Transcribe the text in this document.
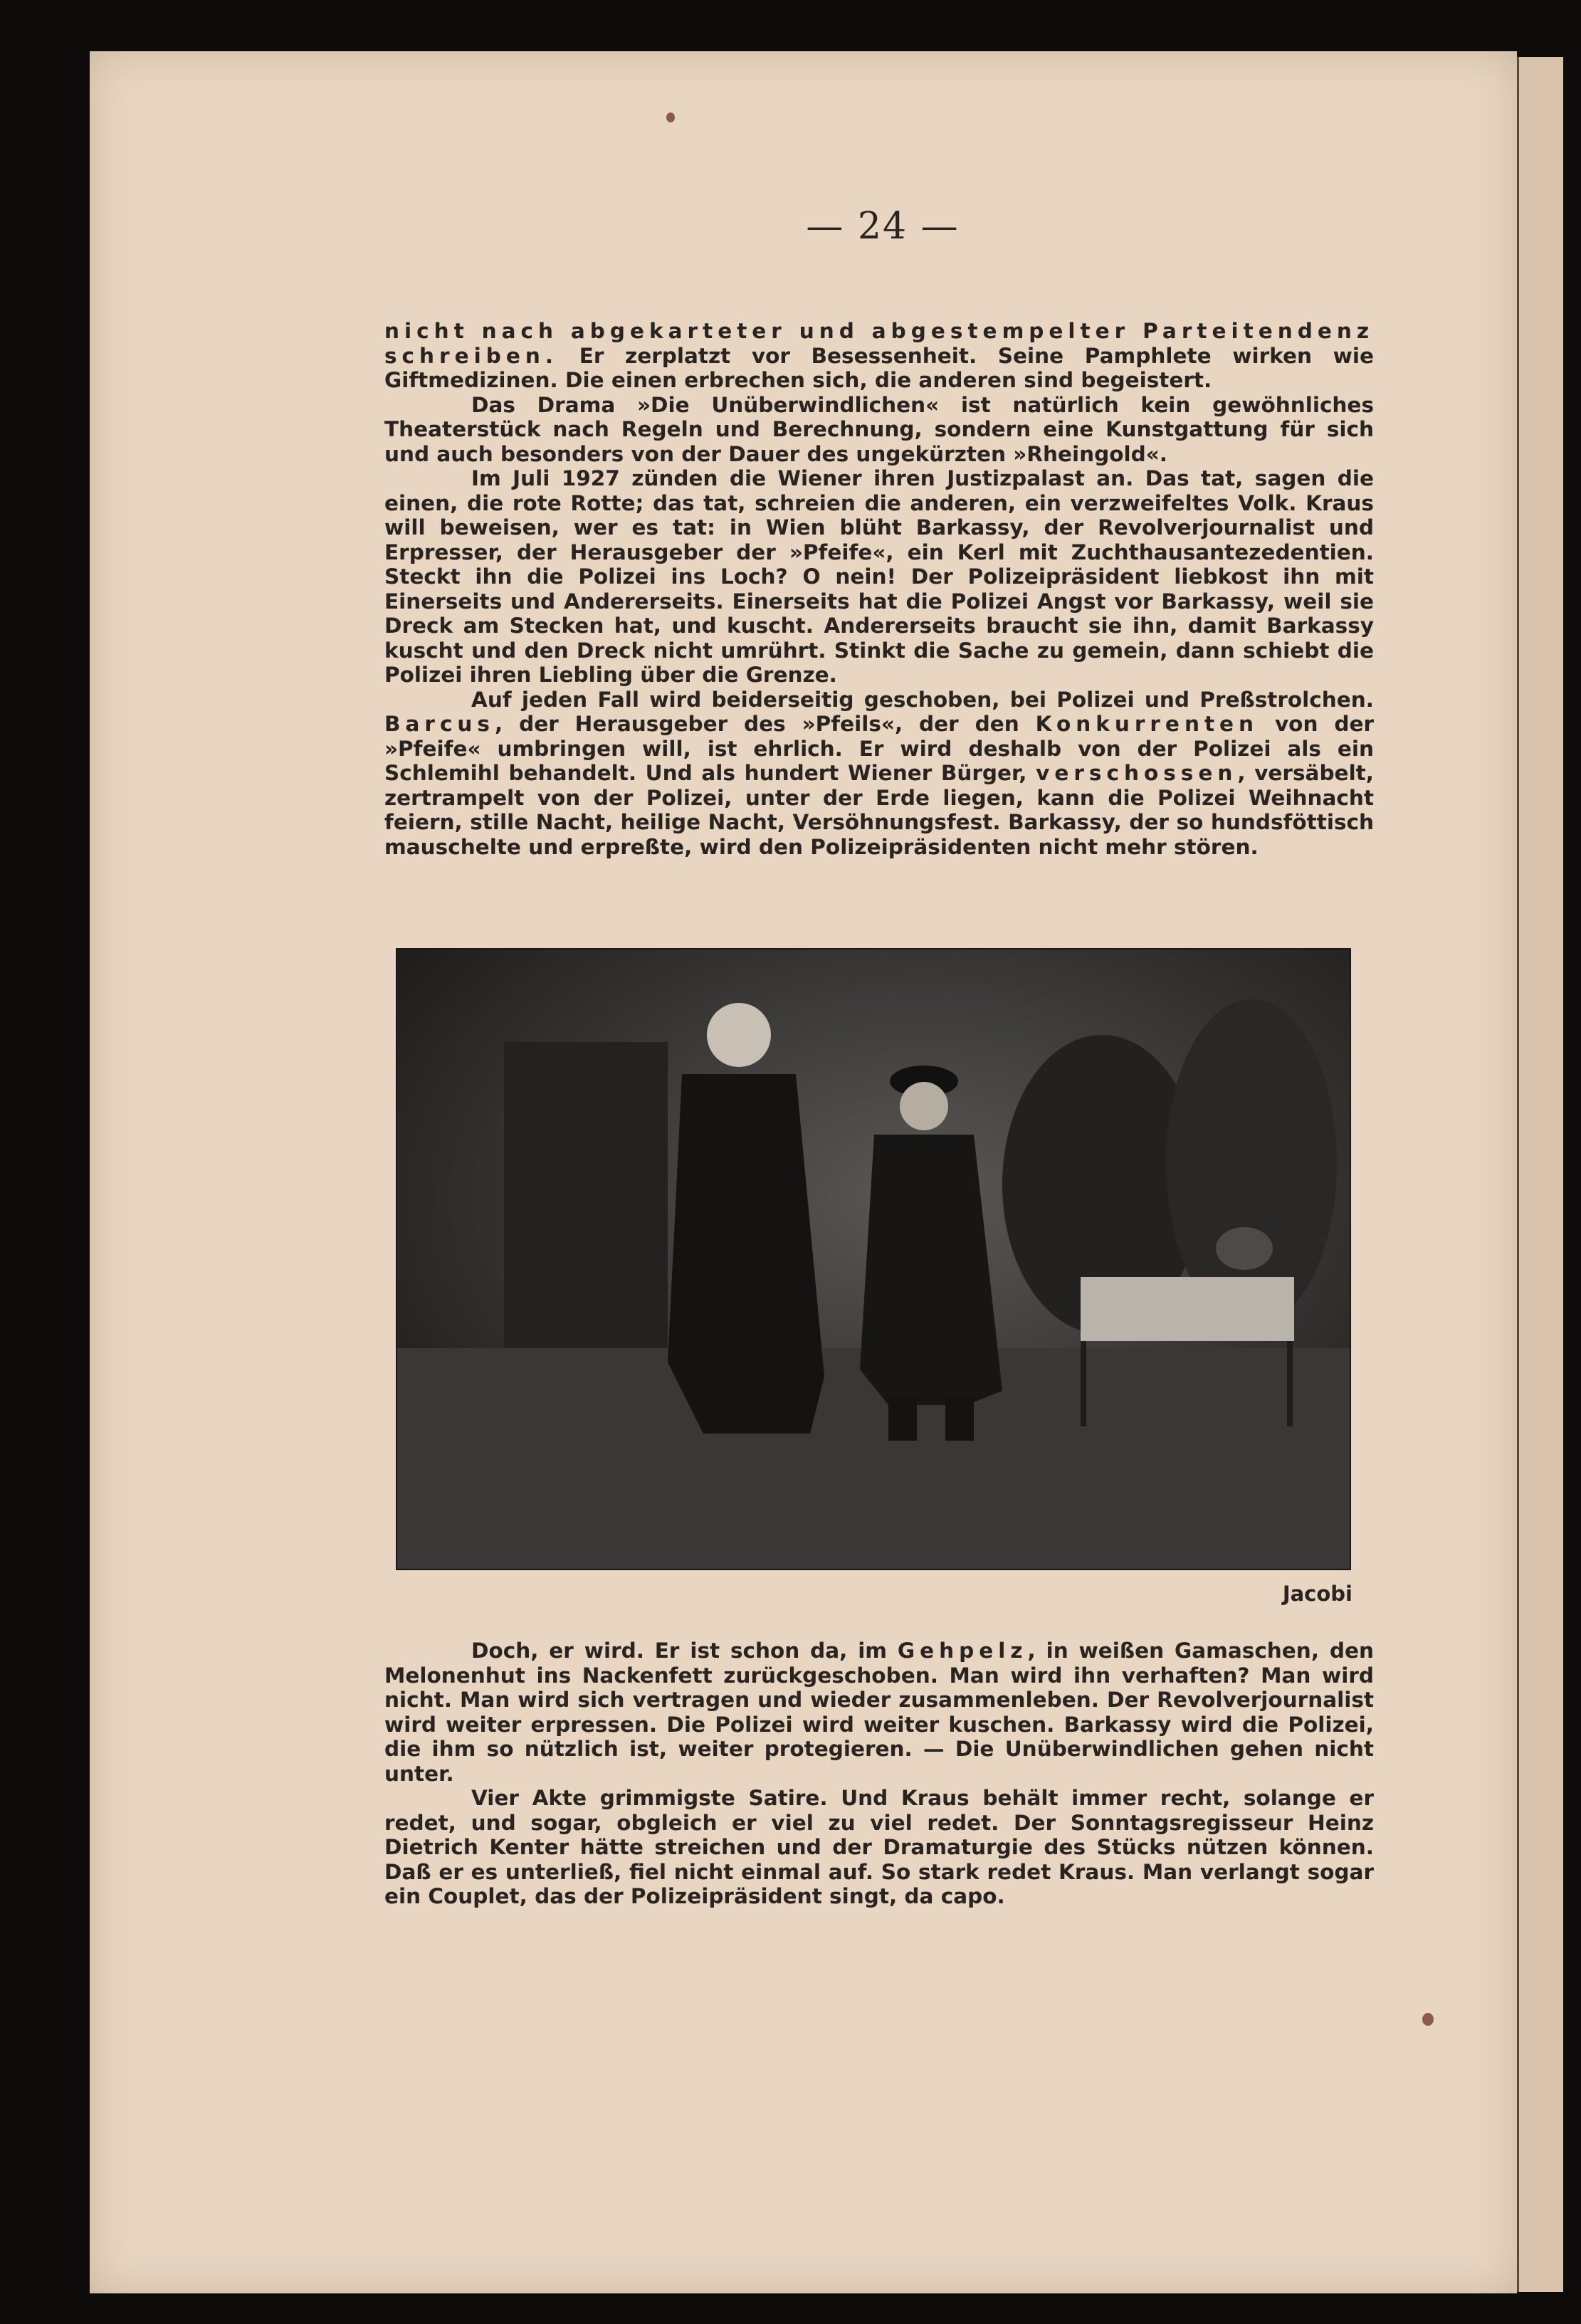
— 24 —

nicht nach abgekarteter und abgestempelter Parteitendenz schreiben. Er zerplatzt vor Besessenheit. Seine Pamphlete wirken wie Giftmedizinen. Die einen erbrechen sich, die anderen sind begeistert.

Das Drama »Die Unüberwindlichen« ist natürlich kein gewöhnliches Theaterstück nach Regeln und Berechnung, sondern eine Kunstgattung für sich und auch besonders von der Dauer des ungekürzten »Rheingold«.

Im Juli 1927 zünden die Wiener ihren Justizpalast an. Das tat, sagen die einen, die rote Rotte; das tat, schreien die anderen, ein verzweifeltes Volk. Kraus will beweisen, wer es tat: in Wien blüht Barkassy, der Revolverjournalist und Erpresser, der Herausgeber der »Pfeife«, ein Kerl mit Zuchthausantezedentien. Steckt ihn die Polizei ins Loch? O nein! Der Polizeipräsident liebkost ihn mit Einerseits und Andererseits. Einerseits hat die Polizei Angst vor Barkassy, weil sie Dreck am Stecken hat, und kuscht. Andererseits braucht sie ihn, damit Barkassy kuscht und den Dreck nicht umrührt. Stinkt die Sache zu gemein, dann schiebt die Polizei ihren Liebling über die Grenze.

Auf jeden Fall wird beiderseitig geschoben, bei Polizei und Preßstrolchen. Barcus, der Herausgeber des »Pfeils«, der den Konkurrenten von der »Pfeife« umbringen will, ist ehrlich. Er wird deshalb von der Polizei als ein Schlemihl behandelt. Und als hundert Wiener Bürger, verschossen, versäbelt, zertrampelt von der Polizei, unter der Erde liegen, kann die Polizei Weihnacht feiern, stille Nacht, heilige Nacht, Versöhnungsfest. Barkassy, der so hundsföttisch mauschelte und erpreßte, wird den Polizeipräsidenten nicht mehr stören.

Jacobi

Doch, er wird. Er ist schon da, im Gehpelz, in weißen Gamaschen, den Melonenhut ins Nackenfett zurückgeschoben. Man wird ihn verhaften? Man wird nicht. Man wird sich vertragen und wieder zusammenleben. Der Revolverjournalist wird weiter erpressen. Die Polizei wird weiter kuschen. Barkassy wird die Polizei, die ihm so nützlich ist, weiter protegieren. — Die Unüberwindlichen gehen nicht unter.

Vier Akte grimmigste Satire. Und Kraus behält immer recht, solange er redet, und sogar, obgleich er viel zu viel redet. Der Sonntagsregisseur Heinz Dietrich Kenter hätte streichen und der Dramaturgie des Stücks nützen können. Daß er es unterließ, fiel nicht einmal auf. So stark redet Kraus. Man verlangt sogar ein Couplet, das der Polizeipräsident singt, da capo.
